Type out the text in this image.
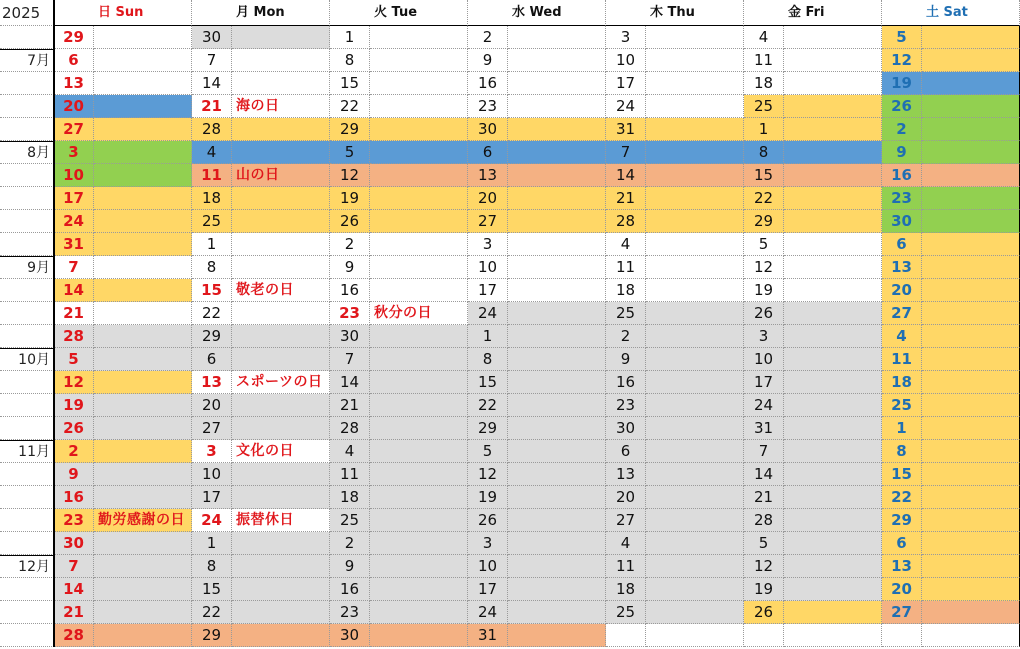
2025	日 Sun	月 Mon	火 Tue	水 Wed	木 Thu	金 Fri	土 Sat
29	30	1	2	3	4	5
7月	6	7	8	9	10	11	12
13	14	15	16	17	18	19
20	21	海の日	22	23	24	25	26
27	28	29	30	31	1	2
8月	3	4	5	6	7	8	9
10	11	山の日	12	13	14	15	16
17	18	19	20	21	22	23
24	25	26	27	28	29	30
31	1	2	3	4	5	6
9月	7	8	9	10	11	12	13
14	15	敬老の日	16	17	18	19	20
21	22	23	秋分の日	24	25	26	27
28	29	30	1	2	3	4
10月	5	6	7	8	9	10	11
12	13	スポーツの日	14	15	16	17	18
19	20	21	22	23	24	25
26	27	28	29	30	31	1
11月	2	3	文化の日	4	5	6	7	8
9	10	11	12	13	14	15
16	17	18	19	20	21	22
23	勤労感謝の日	24	振替休日	25	26	27	28	29
30	1	2	3	4	5	6
12月	7	8	9	10	11	12	13
14	15	16	17	18	19	20
21	22	23	24	25	26	27
28	29	30	31
